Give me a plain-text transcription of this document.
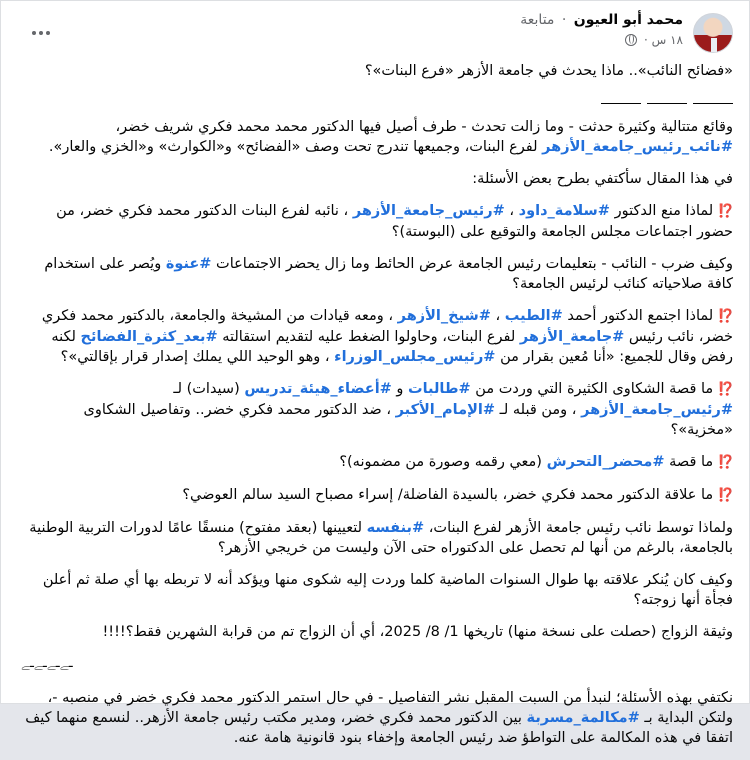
محمد أبو العيون · متابعة
١٨ س ·

«فضائح النائب».. ماذا يحدث في جامعة الأزهر «فرع البنات»؟

وقائع متتالية وكثيرة حدثت - وما زالت تحدث - طرف أصيل فيها الدكتور محمد محمد فكري شريف خضر، #نائب_رئيس_جامعة_الأزهر لفرع البنات، وجميعها تندرج تحت وصف «الفضائح» و«الكوارث» و«الخزي والعار».

في هذا المقال سأكتفي بطرح بعض الأسئلة:

⁉️ لماذا منع الدكتور #سلامة_داود ، #رئيس_جامعة_الأزهر ، نائبه لفرع البنات الدكتور محمد فكري خضر، من حضور اجتماعات مجلس الجامعة والتوقيع على (البوستة)؟

وكيف ضرب - النائب - بتعليمات رئيس الجامعة عرض الحائط وما زال يحضر الاجتماعات #عنوة ويُصر على استخدام كافة صلاحياته كنائب لرئيس الجامعة؟

⁉️ لماذا اجتمع الدكتور أحمد #الطيب ، #شيخ_الأزهر ، ومعه قيادات من المشيخة والجامعة، بالدكتور محمد فكري خضر، نائب رئيس #جامعة_الأزهر لفرع البنات، وحاولوا الضغط عليه لتقديم استقالته #بعد_كثرة_الفضائح لكنه رفض وقال للجميع: «أنا مُعين بقرار من #رئيس_مجلس_الوزراء ، وهو الوحيد اللي يملك إصدار قرار بإقالتي»؟

⁉️ ما قصة الشكاوى الكثيرة التي وردت من #طالبات و #أعضاء_هيئة_تدريس (سيدات) لـ #رئيس_جامعة_الأزهر ، ومن قبله لـ #الإمام_الأكبر ، ضد الدكتور محمد فكري خضر.. وتفاصيل الشكاوى «مخزية»؟

⁉️ ما قصة #محضر_التحرش (معي رقمه وصورة من مضمونه)؟

⁉️ ما علاقة الدكتور محمد فكري خضر، بالسيدة الفاضلة/ إسراء مصباح السيد سالم العوضي؟

ولماذا توسط نائب رئيس جامعة الأزهر لفرع البنات، #بنفسه لتعيينها (بعقد مفتوح) منسقًا عامًا لدورات التربية الوطنية بالجامعة، بالرغم من أنها لم تحصل على الدكتوراه حتى الآن وليست من خريجي الأزهر؟

وكيف كان يُنكر علاقته بها طوال السنوات الماضية كلما وردت إليه شكوى منها ويؤكد أنه لا تربطه بها أي صلة ثم أعلن فجأة أنها زوجته؟

وثيقة الزواج (حصلت على نسخة منها) تاريخها 1/ 8/ 2025، أي أن الزواج تم من قرابة الشهرين فقط؟!!!!

ـﮯـﮯـﮯـﮯ

نكتفي بهذه الأسئلة؛ لنبدأ من السبت المقبل نشر التفاصيل - في حال استمر الدكتور محمد فكري خضر في منصبه -، ولتكن البداية بـ #مكالمة_مسربة بين الدكتور محمد فكري خضر، ومدير مكتب رئيس جامعة الأزهر.. لنسمع منهما كيف اتفقا في هذه المكالمة على التواطؤ ضد رئيس الجامعة وإخفاء بنود قانونية هامة عنه.
